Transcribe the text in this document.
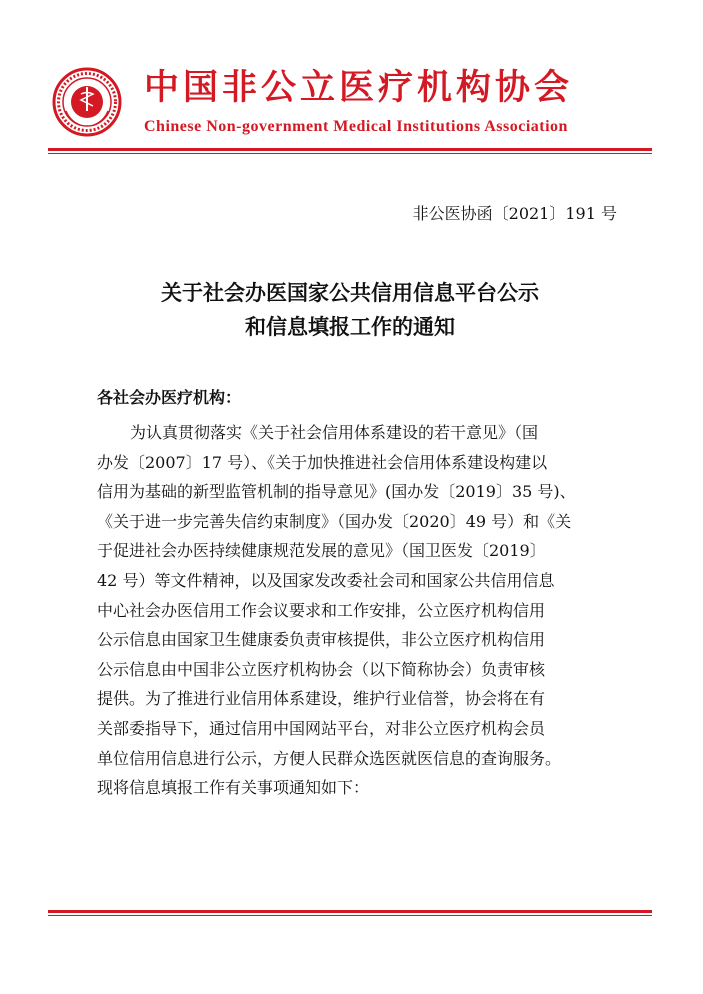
中国非公立医疗机构协会
Chinese Non-government Medical Institutions Association
非公医协函〔2021〕191 号
关于社会办医国家公共信用信息平台公示
和信息填报工作的通知
各社会办医疗机构：
为认真贯彻落实《关于社会信用体系建设的若干意见》（国
办发〔2007〕17 号）、《关于加快推进社会信用体系建设构建以
信用为基础的新型监管机制的指导意见》(国办发〔2019〕35 号)、
《关于进一步完善失信约束制度》（国办发〔2020〕49 号）和《关
于促进社会办医持续健康规范发展的意见》（国卫医发〔2019〕
42 号）等文件精神，以及国家发改委社会司和国家公共信用信息
中心社会办医信用工作会议要求和工作安排，公立医疗机构信用
公示信息由国家卫生健康委负责审核提供，非公立医疗机构信用
公示信息由中国非公立医疗机构协会（以下简称协会）负责审核
提供。为了推进行业信用体系建设，维护行业信誉，协会将在有
关部委指导下，通过信用中国网站平台，对非公立医疗机构会员
单位信用信息进行公示，方便人民群众选医就医信息的查询服务。
现将信息填报工作有关事项通知如下：
